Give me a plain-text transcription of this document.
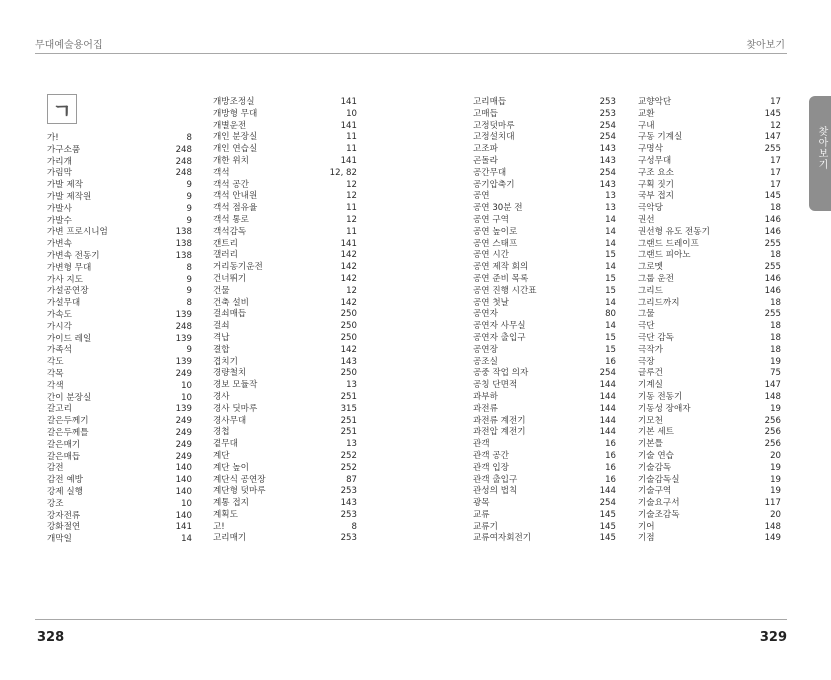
무대예술용어집	찾아보기
찾아보기
ㄱ
가!	8
가구소품	248
가리개	248
가림막	248
가발 제작	9
가발 제작원	9
가발사	9
가발수	9
가변 프로시니엄	138
가변속	138
가변속 전동기	138
가변형 무대	8
가사 지도	9
가설공연장	9
가설무대	8
가속도	139
가시각	248
가이드 레일	139
가족석	9
각도	139
각목	249
각색	10
간이 분장실	10
갈고리	139
갈은두께기	249
갈은두께틀	249
갈은매기	249
갈은매듭	249
감전	140
감전 예방	140
강제 실행	140
강조	10
강자전류	140
강화절연	141
개막일	14
개방조정실	141
개방형 무대	10
개별운전	141
개인 분장실	11
개인 연습실	11
개한 위치	141
객석	12, 82
객석 공간	12
객석 안내원	12
객석 점유율	11
객석 통로	12
객석감독	11
갠트리	141
갤러리	142
거리동기운전	142
건너뛰기	142
건물	12
건축 설비	142
걸쇠매듭	250
걸쇠	250
격납	250
결합	142
겹치기	143
경량철치	250
경보 모듈작	13
경사	251
경사 딧마루	315
경사무대	251
경첩	251
곁무대	13
계단	252
계단 높이	252
계단식 공연장	87
계단형 덧마루	253
계통 접지	143
계획도	253
고!	8
고리매기	253
고리매듭	253
고매듭	253
고정덧마루	254
고정설치대	254
고조파	143
곤돌라	143
공간무대	254
공기압축기	143
공연	13
공연 30분 전	13
공연 구역	14
공연 높이로	14
공연 스태프	14
공연 시간	15
공연 제작 회의	14
공연 준비 목록	15
공연 진행 시간표	15
공연 첫날	14
공연자	80
공연자 사무실	14
공연자 출입구	15
공연장	15
공조실	16
공중 작업 의자	254
공칭 단면적	144
과부하	144
과전류	144
과전류 계전기	144
과전압 계전기	144
관객	16
관객 공간	16
관객 입장	16
관객 출입구	16
관성의 법칙	144
광목	254
교류	145
교류기	145
교류여자회전기	145
교향악단	17
교환	145
구내	12
구동 기계실	147
구명삭	255
구성무대	17
구조 요소	17
구획 짓기	17
국부 접지	145
극악당	18
권선	146
권선형 유도 전동기	146
그랜드 드레이프	255
그랜드 피아노	18
그로멧	255
그룹 운전	146
그리드	146
그리드까지	18
그물	255
극단	18
극단 감독	18
극작가	18
극장	19
글루건	75
기계실	147
기동 전동기	148
기동성 장애자	19
기모천	256
기본 세트	256
기본틀	256
기술 연습	20
기술감독	19
기술감독실	19
기술구역	19
기술요구서	117
기술조감독	20
기어	148
기점	149
328	329
